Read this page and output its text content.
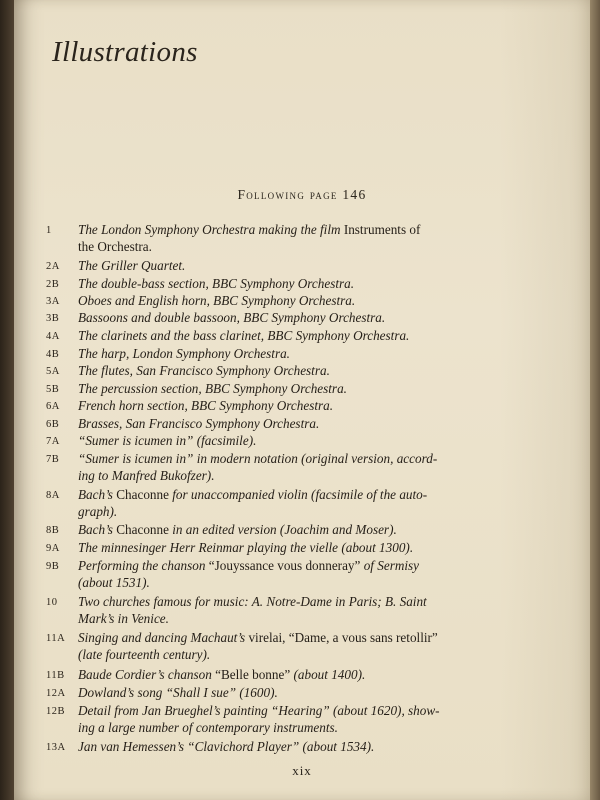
Illustrations
Following page 146
1	The London Symphony Orchestra making the film Instruments of
the Orchestra.
2A	The Griller Quartet.
2B	The double-bass section, BBC Symphony Orchestra.
3A	Oboes and English horn, BBC Symphony Orchestra.
3B	Bassoons and double bassoon, BBC Symphony Orchestra.
4A	The clarinets and the bass clarinet, BBC Symphony Orchestra.
4B	The harp, London Symphony Orchestra.
5A	The flutes, San Francisco Symphony Orchestra.
5B	The percussion section, BBC Symphony Orchestra.
6A	French horn section, BBC Symphony Orchestra.
6B	Brasses, San Francisco Symphony Orchestra.
7A	“Sumer is icumen in” (facsimile).
7B	“Sumer is icumen in” in modern notation (original version, accord-
ing to Manfred Bukofzer).
8A	Bach’s Chaconne for unaccompanied violin (facsimile of the auto-
graph).
8B	Bach’s Chaconne in an edited version (Joachim and Moser).
9A	The minnesinger Herr Reinmar playing the vielle (about 1300).
9B	Performing the chanson “Jouyssance vous donneray” of Sermisy
(about 1531).
10	Two churches famous for music: A. Notre-Dame in Paris; B. Saint
Mark’s in Venice.
11A Singing and dancing Machaut’s virelai, “Dame, a vous sans retollir”
(late fourteenth century).
11B	Baude Cordier’s chanson “Belle bonne” (about 1400).
12A Dowland’s song “Shall I sue” (1600).
12B Detail from Jan Brueghel’s painting “Hearing” (about 1620), show-
ing a large number of contemporary instruments.
13A Jan van Hemessen’s “Clavichord Player” (about 1534).
xix
